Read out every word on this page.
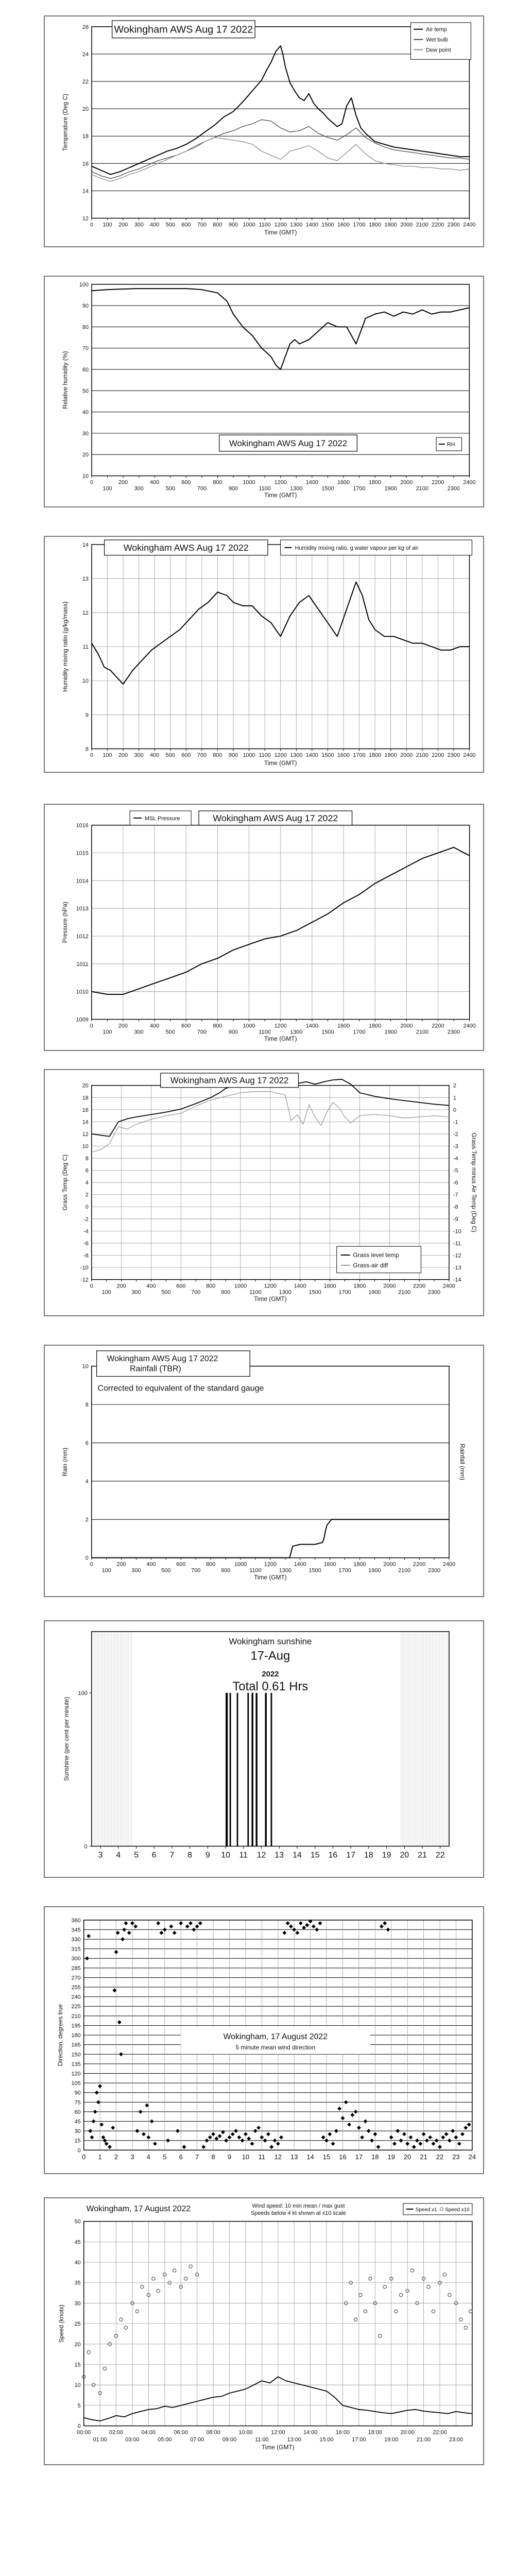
12
14
16
18
20
22
24
26
0 100 200 300 400 500 600 700 800 900 1000 1100 1200 1300 1400 1500 1600 1700 1800 1900 2000 2100 2200 2300 2400
Temperature (Deg C)
Time (GMT)
Wokingham AWS Aug 17 2022	Air temp
Wet bulb
Dew point
10
20
30
40
50
60
70
80
90
100
0	200	400	600	800	1000	1200	1400	1600	1800	2000	2200	2400
100	300	500	700	900	1100	1300	1500	1700	1900	2100	2300
Relative humidity (%)
Time (GMT)
Wokingham AWS Aug 17 2022	RH
8
9
10
11
12
13
14
0 100 200 300 400 500 600 700 800 900 1000 1100 1200 1300 1400 1500 1600 1700 1800 1900 2000 2100 2200 2300 2400
Humidity mixing ratio (g/kg/mass)
Time (GMT)
Wokingham AWS Aug 17 2022	Humidity mixing ratio, g water vapour per kg of air
1009
1010
1011
1012
1013
1014
1015
1016
0	200	400	600	800	1000	1200	1400	1600	1800	2000	2200	2400
100	300	500	700	900	1100	1300	1500	1700	1900	2100	2300
Pressure (hPa)
Time (GMT)
MSL Pressure	Wokingham AWS Aug 17 2022
-12
-10
-8
-6
-4
-2
0
2
4
6
8
10
12
14
16
18
20
0	200	400	600	800	1000	1200	1400	1600	1800	2000	2200	2400
100	300	500	700	900	1100	1300	1500	1700	1900	2100	2300
Grass Temp (Deg C)
Time (GMT)
-14
-13
-12
-11
-10
-9
-8
-7
-6
-5
-4
-3
-2
-1
0
1
2
Grass Temp minus Air Temp (Deg C)
Wokingham AWS Aug 17 2022
Grass level temp
Grass-air diff
0
2
4
6
8
10
0	200	400	600	800	1000	1200	1400	1600	1800	2000	2200	2400
100	300	500	700	900	1100	1300	1500	1700	1900	2100	2300
Rain (mm)
Time (GMT)
Rainfall (mm)
Wokingham AWS Aug 17 2022
Rainfall (TBR)
Corrected to equivalent of the standard gauge
0
100
3 4 5 6 7 8 9 10 11 12 13 14 15 16 17 18 19 20 21 22
Sunshine (per cent per minute)
Wokingham sunshine
17-Aug
2022
Total 0.61 Hrs
0
15
30
45
60
75
90
105
120
135
150
165
180
195
210
225
240
255
270
285
300
315
330
345
360
0 1 2 3 4 5 6 7 8 9 10 11 12 13 14 15 16 17 18 19 20 21 22 23 24
Direction, degrees true	Wokingham, 17 August 2022
5 minute mean wind direction
0
5
10
15
20
25
30
35
40
45
50
00:00	02:00	04:00	06:00	08:00	10:00	12:00	14:00	16:00	18:00	20:00	22:00
01:00	03:00	05:00	07:00	09:00	11:00	13:00	15:00	17:00	19:00	21:00	23:00
Speed (knots)
Time (GMT)
Wokingham, 17 August 2022	Wind speed: 10 min mean / max gust
Speeds below 4 kt shown at x10 scale
Speed x1 Speed x10
